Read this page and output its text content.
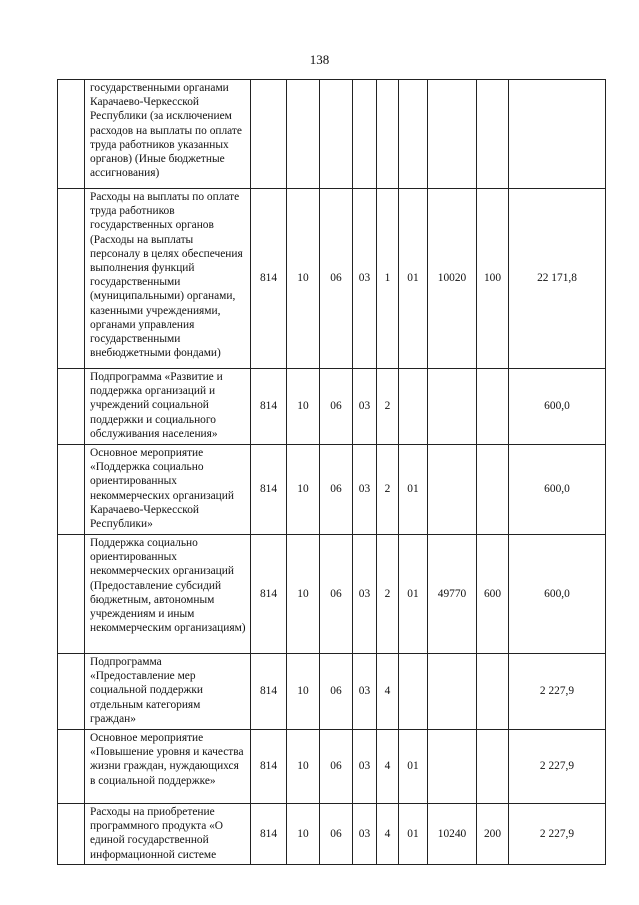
138

	государственными органами Карачаево-Черкесской Республики (за исключением расходов на выплаты по оплате труда работников указанных органов) (Иные бюджетные ассигнования)									

	Расходы на выплаты по оплате труда работников государственных органов (Расходы на выплаты персоналу в целях обеспечения выполнения функций государственными (муниципальными) органами, казенными учреждениями, органами управления государственными внебюджетными фондами)	814	10	06	03	1	01	10020	100	22 171,8
	Подпрограмма «Развитие и поддержка организаций и учреждений социальной поддержки и социального обслуживания населения»	814	10	06	03	2				600,0
	Основное мероприятие «Поддержка социально ориентированных некоммерческих организаций Карачаево-Черкесской Республики»	814	10	06	03	2	01			600,0
	Поддержка социально ориентированных некоммерческих организаций (Предоставление субсидий бюджетным, автономным учреждениям и иным некоммерческим организациям)	814	10	06	03	2	01	49770	600	600,0
	Подпрограмма «Предоставление мер социальной поддержки отдельным категориям граждан»	814	10	06	03	4				2 227,9
	Основное мероприятие «Повышение уровня и качества жизни граждан, нуждающихся в социальной поддержке»	814	10	06	03	4	01			2 227,9

	Расходы на приобретение программного продукта «О единой государственной информационной системе	814	10	06	03	4	01	10240	200	2 227,9
